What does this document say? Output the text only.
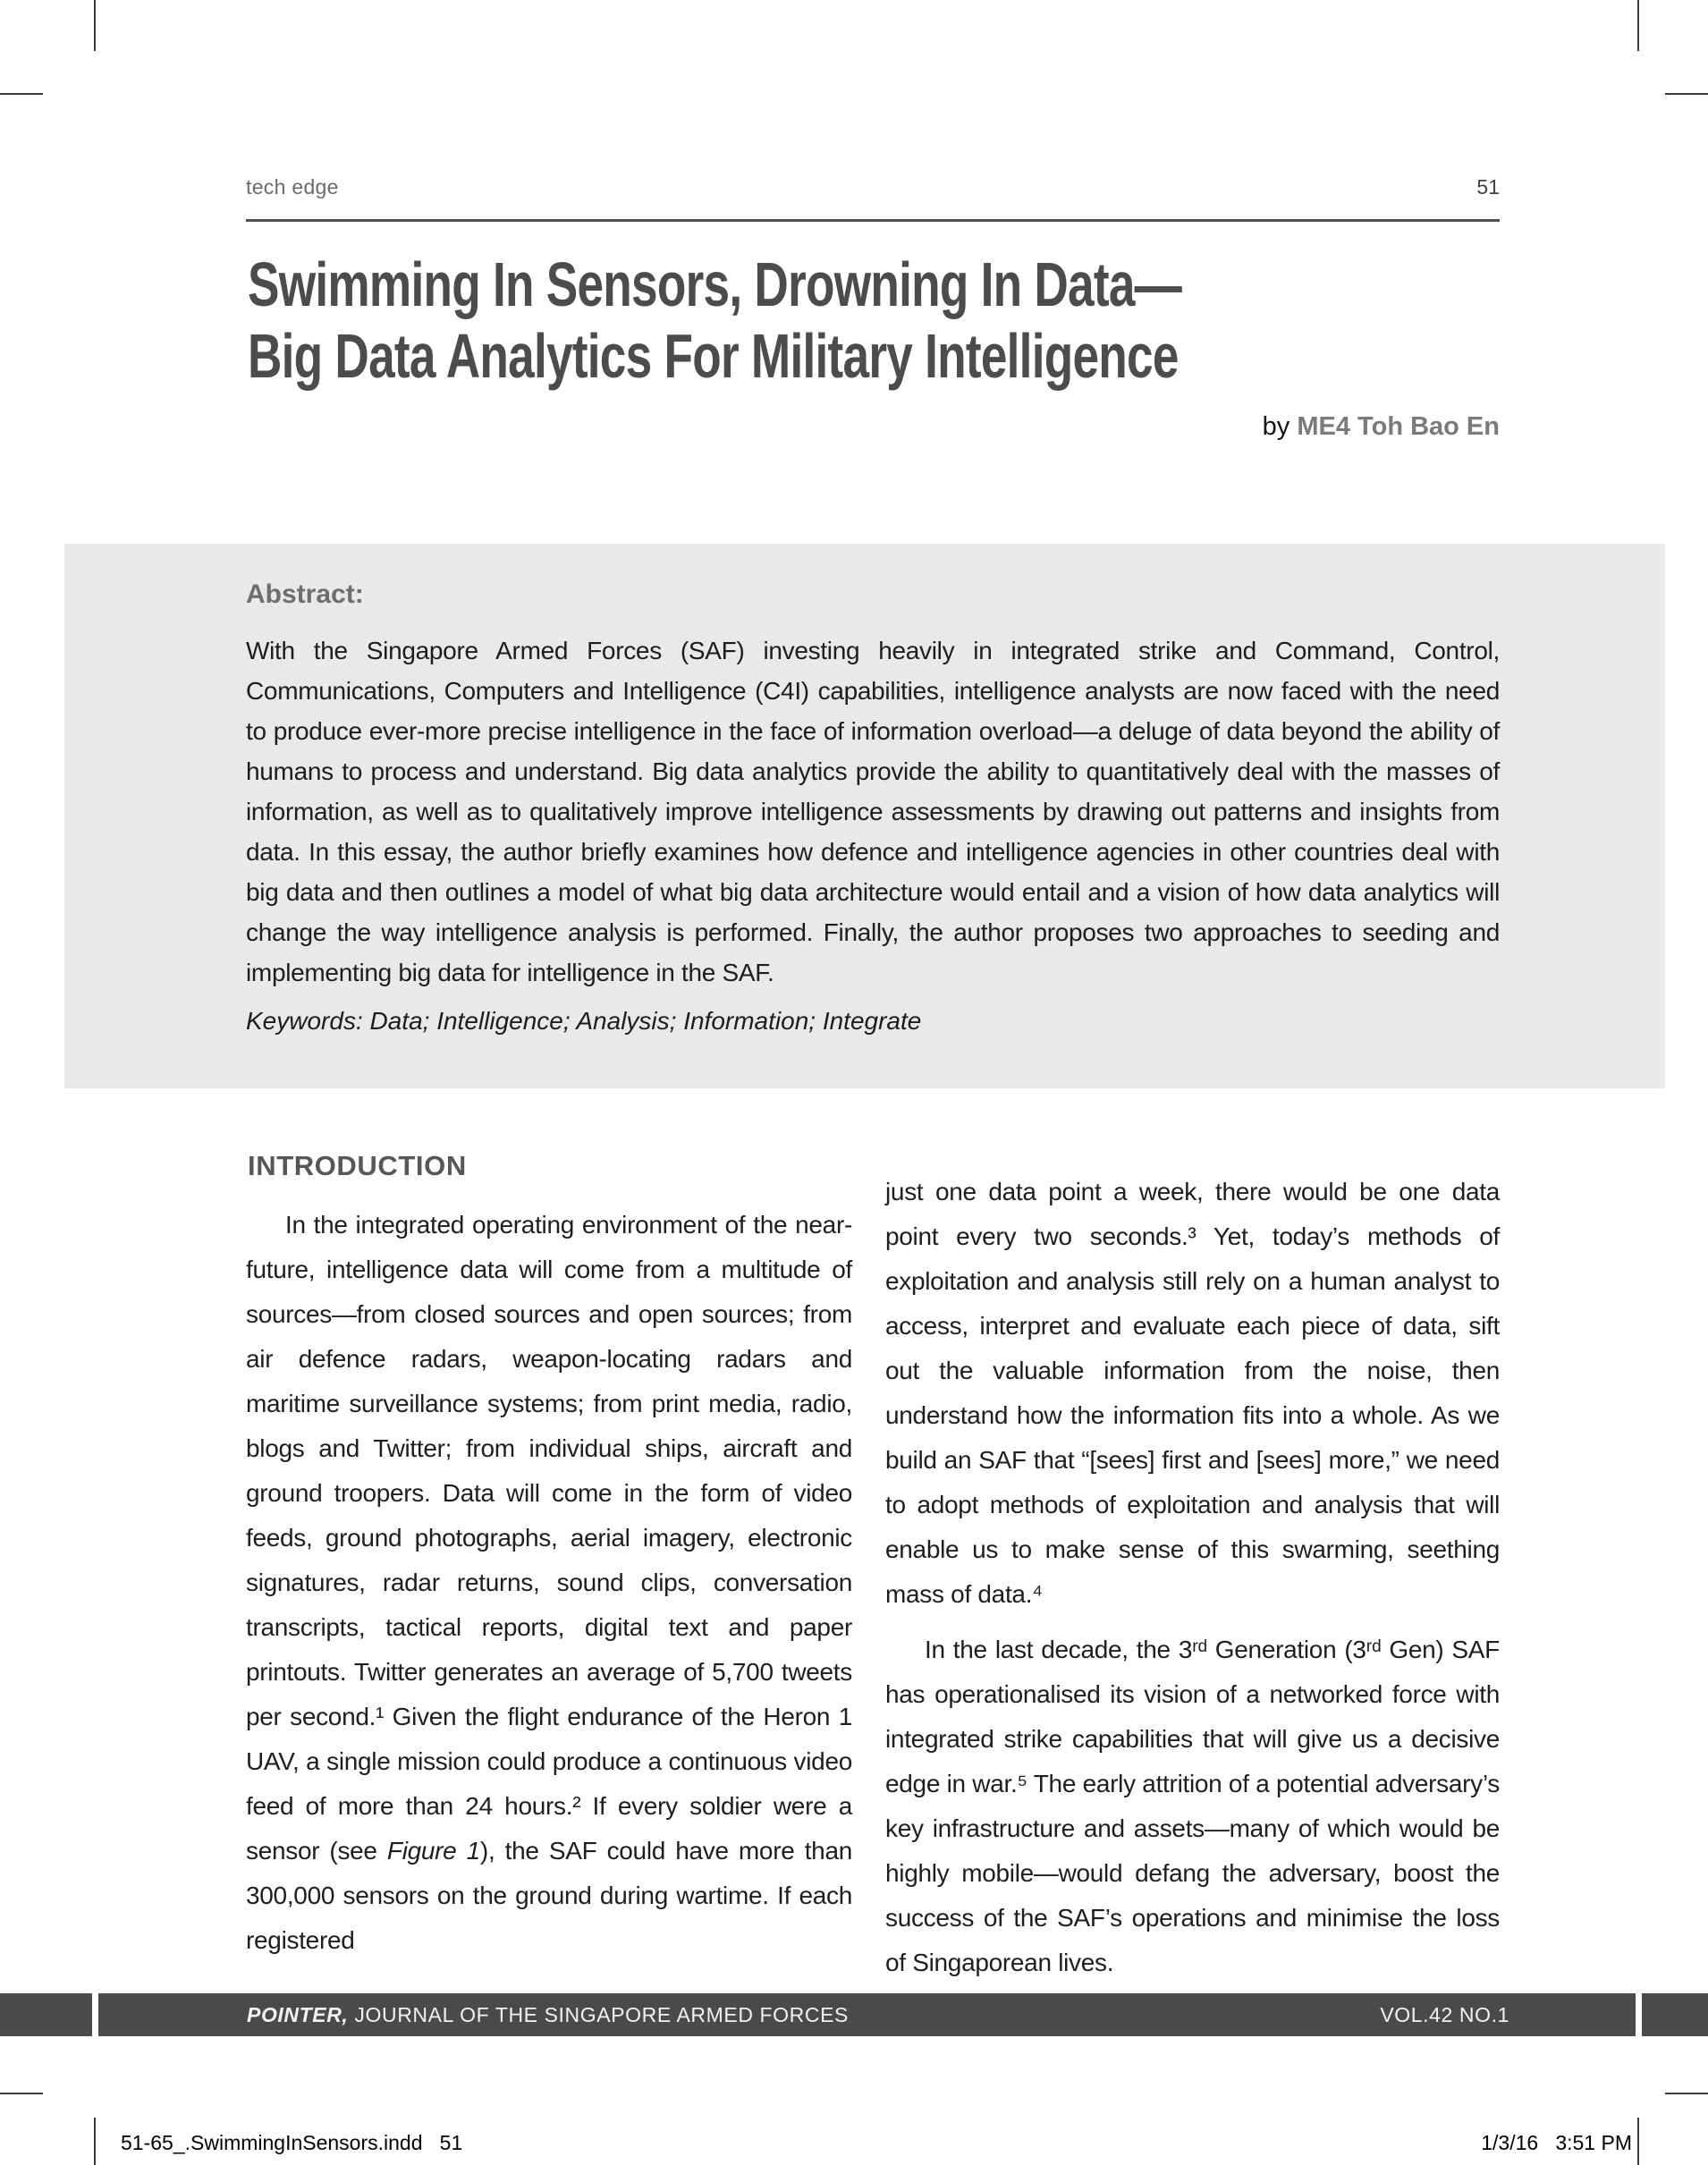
tech edge	51
Swimming In Sensors, Drowning In Data—
Big Data Analytics For Military Intelligence
by ME4 Toh Bao En
Abstract:
With the Singapore Armed Forces (SAF) investing heavily in integrated strike and Command, Control, Communications, Computers and Intelligence (C4I) capabilities, intelligence analysts are now faced with the need to produce ever-more precise intelligence in the face of information overload—a deluge of data beyond the ability of humans to process and understand. Big data analytics provide the ability to quantitatively deal with the masses of information, as well as to qualitatively improve intelligence assessments by drawing out patterns and insights from data. In this essay, the author briefly examines how defence and intelligence agencies in other countries deal with big data and then outlines a model of what big data architecture would entail and a vision of how data analytics will change the way intelligence analysis is performed. Finally, the author proposes two approaches to seeding and implementing big data for intelligence in the SAF.
Keywords: Data; Intelligence; Analysis; Information; Integrate
INTRODUCTION

In the integrated operating environment of the near-future, intelligence data will come from a multitude of sources—from closed sources and open sources; from air defence radars, weapon-locating radars and maritime surveillance systems; from print media, radio, blogs and Twitter; from individual ships, aircraft and ground troopers. Data will come in the form of video feeds, ground photographs, aerial imagery, electronic signatures, radar returns, sound clips, conversation transcripts, tactical reports, digital text and paper printouts. Twitter generates an average of 5,700 tweets per second.¹ Given the flight endurance of the Heron 1 UAV, a single mission could produce a continuous video feed of more than 24 hours.² If every soldier were a sensor (see Figure 1), the SAF could have more than 300,000 sensors on the ground during wartime. If each registered

just one data point a week, there would be one data point every two seconds.³ Yet, today’s methods of exploitation and analysis still rely on a human analyst to access, interpret and evaluate each piece of data, sift out the valuable information from the noise, then understand how the information fits into a whole. As we build an SAF that “[sees] first and [sees] more,” we need to adopt methods of exploitation and analysis that will enable us to make sense of this swarming, seething mass of data.⁴

In the last decade, the 3ʳᵈ Generation (3ʳᵈ Gen) SAF has operationalised its vision of a networked force with integrated strike capabilities that will give us a decisive edge in war.⁵ The early attrition of a potential adversary’s key infrastructure and assets—many of which would be highly mobile—would defang the adversary, boost the success of the SAF’s operations and minimise the loss of Singaporean lives.

POINTER, JOURNAL OF THE SINGAPORE ARMED FORCES	VOL.42 NO.1
51-65_.SwimmingInSensors.indd   51	1/3/16   3:51 PM
